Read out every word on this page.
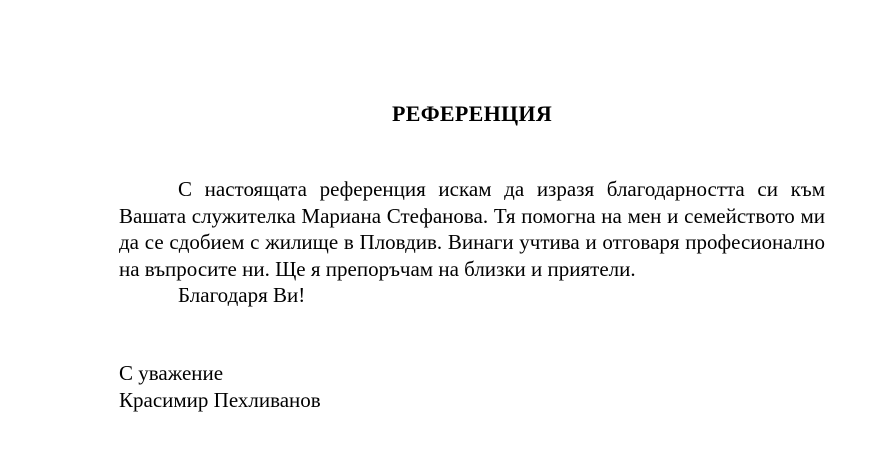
РЕФЕРЕНЦИЯ

С настоящата референция искам да изразя благодарността си към Вашата служителка Мариана Стефанова. Тя помогна на мен и семейството ми да се сдобием с жилище в Пловдив. Винаги учтива и отговаря професионално на въпросите ни. Ще я препоръчам на близки и приятели.

Благодаря Ви!

С уважение
Красимир Пехливанов
